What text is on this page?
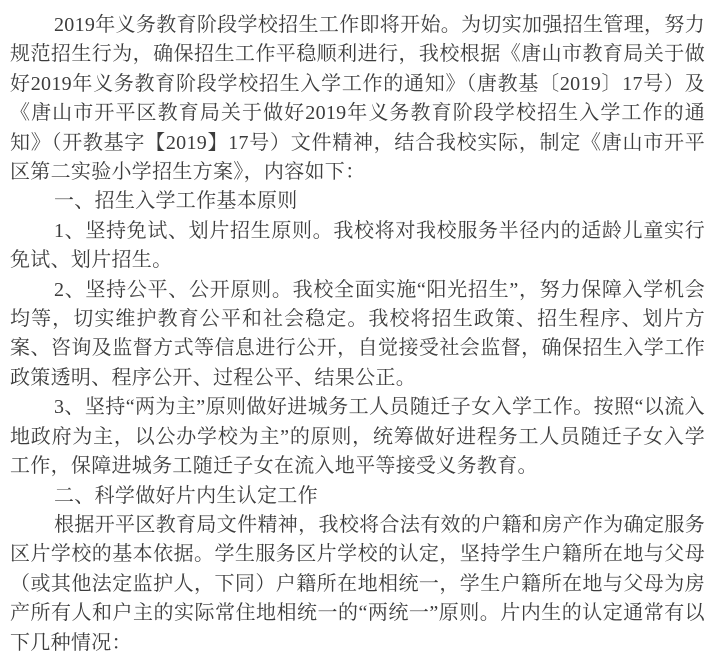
2019年义务教育阶段学校招生工作即将开始。为切实加强招生管理，努力规范招生行为，确保招生工作平稳顺利进行，我校根据《唐山市教育局关于做好2019年义务教育阶段学校招生入学工作的通知》（唐教基〔2019〕17号）及《唐山市开平区教育局关于做好2019年义务教育阶段学校招生入学工作的通知》（开教基字【2019】17号）文件精神，结合我校实际，制定《唐山市开平区第二实验小学招生方案》，内容如下：

一、招生入学工作基本原则

1、坚持免试、划片招生原则。我校将对我校服务半径内的适龄儿童实行免试、划片招生。

2、坚持公平、公开原则。我校全面实施“阳光招生”，努力保障入学机会均等，切实维护教育公平和社会稳定。我校将招生政策、招生程序、划片方案、咨询及监督方式等信息进行公开，自觉接受社会监督，确保招生入学工作政策透明、程序公开、过程公平、结果公正。

3、坚持“两为主”原则做好进城务工人员随迁子女入学工作。按照“以流入地政府为主，以公办学校为主”的原则，统筹做好进程务工人员随迁子女入学工作，保障进城务工随迁子女在流入地平等接受义务教育。

二、科学做好片内生认定工作

根据开平区教育局文件精神，我校将合法有效的户籍和房产作为确定服务区片学校的基本依据。学生服务区片学校的认定，坚持学生户籍所在地与父母（或其他法定监护人，下同）户籍所在地相统一，学生户籍所在地与父母为房产所有人和户主的实际常住地相统一的“两统一”原则。片内生的认定通常有以下几种情况：
